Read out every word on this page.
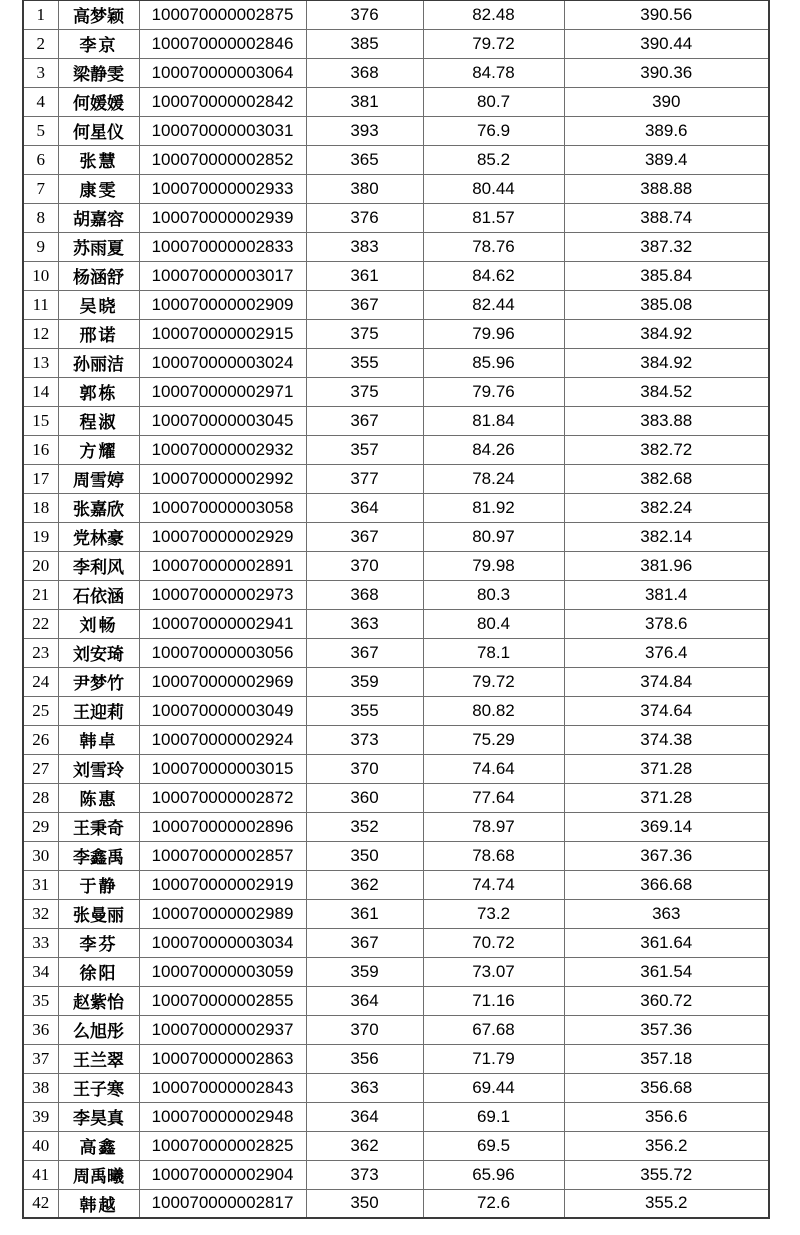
1	高梦颖	100070000002875	376	82.48	390.56
2	李京	100070000002846	385	79.72	390.44
3	梁静雯	100070000003064	368	84.78	390.36
4	何媛媛	100070000002842	381	80.7	390
5	何星仪	100070000003031	393	76.9	389.6
6	张慧	100070000002852	365	85.2	389.4
7	康雯	100070000002933	380	80.44	388.88
8	胡嘉容	100070000002939	376	81.57	388.74
9	苏雨夏	100070000002833	383	78.76	387.32
10	杨涵舒	100070000003017	361	84.62	385.84
11	吴晓	100070000002909	367	82.44	385.08
12	邢诺	100070000002915	375	79.96	384.92
13	孙丽洁	100070000003024	355	85.96	384.92
14	郭栋	100070000002971	375	79.76	384.52
15	程淑	100070000003045	367	81.84	383.88
16	方耀	100070000002932	357	84.26	382.72
17	周雪婷	100070000002992	377	78.24	382.68
18	张嘉欣	100070000003058	364	81.92	382.24
19	党林豪	100070000002929	367	80.97	382.14
20	李利风	100070000002891	370	79.98	381.96
21	石依涵	100070000002973	368	80.3	381.4
22	刘畅	100070000002941	363	80.4	378.6
23	刘安琦	100070000003056	367	78.1	376.4
24	尹梦竹	100070000002969	359	79.72	374.84
25	王迎莉	100070000003049	355	80.82	374.64
26	韩卓	100070000002924	373	75.29	374.38
27	刘雪玲	100070000003015	370	74.64	371.28
28	陈惠	100070000002872	360	77.64	371.28
29	王秉奇	100070000002896	352	78.97	369.14
30	李鑫禹	100070000002857	350	78.68	367.36
31	于静	100070000002919	362	74.74	366.68
32	张曼丽	100070000002989	361	73.2	363
33	李芬	100070000003034	367	70.72	361.64
34	徐阳	100070000003059	359	73.07	361.54
35	赵紫怡	100070000002855	364	71.16	360.72
36	么旭彤	100070000002937	370	67.68	357.36
37	王兰翠	100070000002863	356	71.79	357.18
38	王子寒	100070000002843	363	69.44	356.68
39	李昊真	100070000002948	364	69.1	356.6
40	高鑫	100070000002825	362	69.5	356.2
41	周禹曦	100070000002904	373	65.96	355.72
42	韩越	100070000002817	350	72.6	355.2
